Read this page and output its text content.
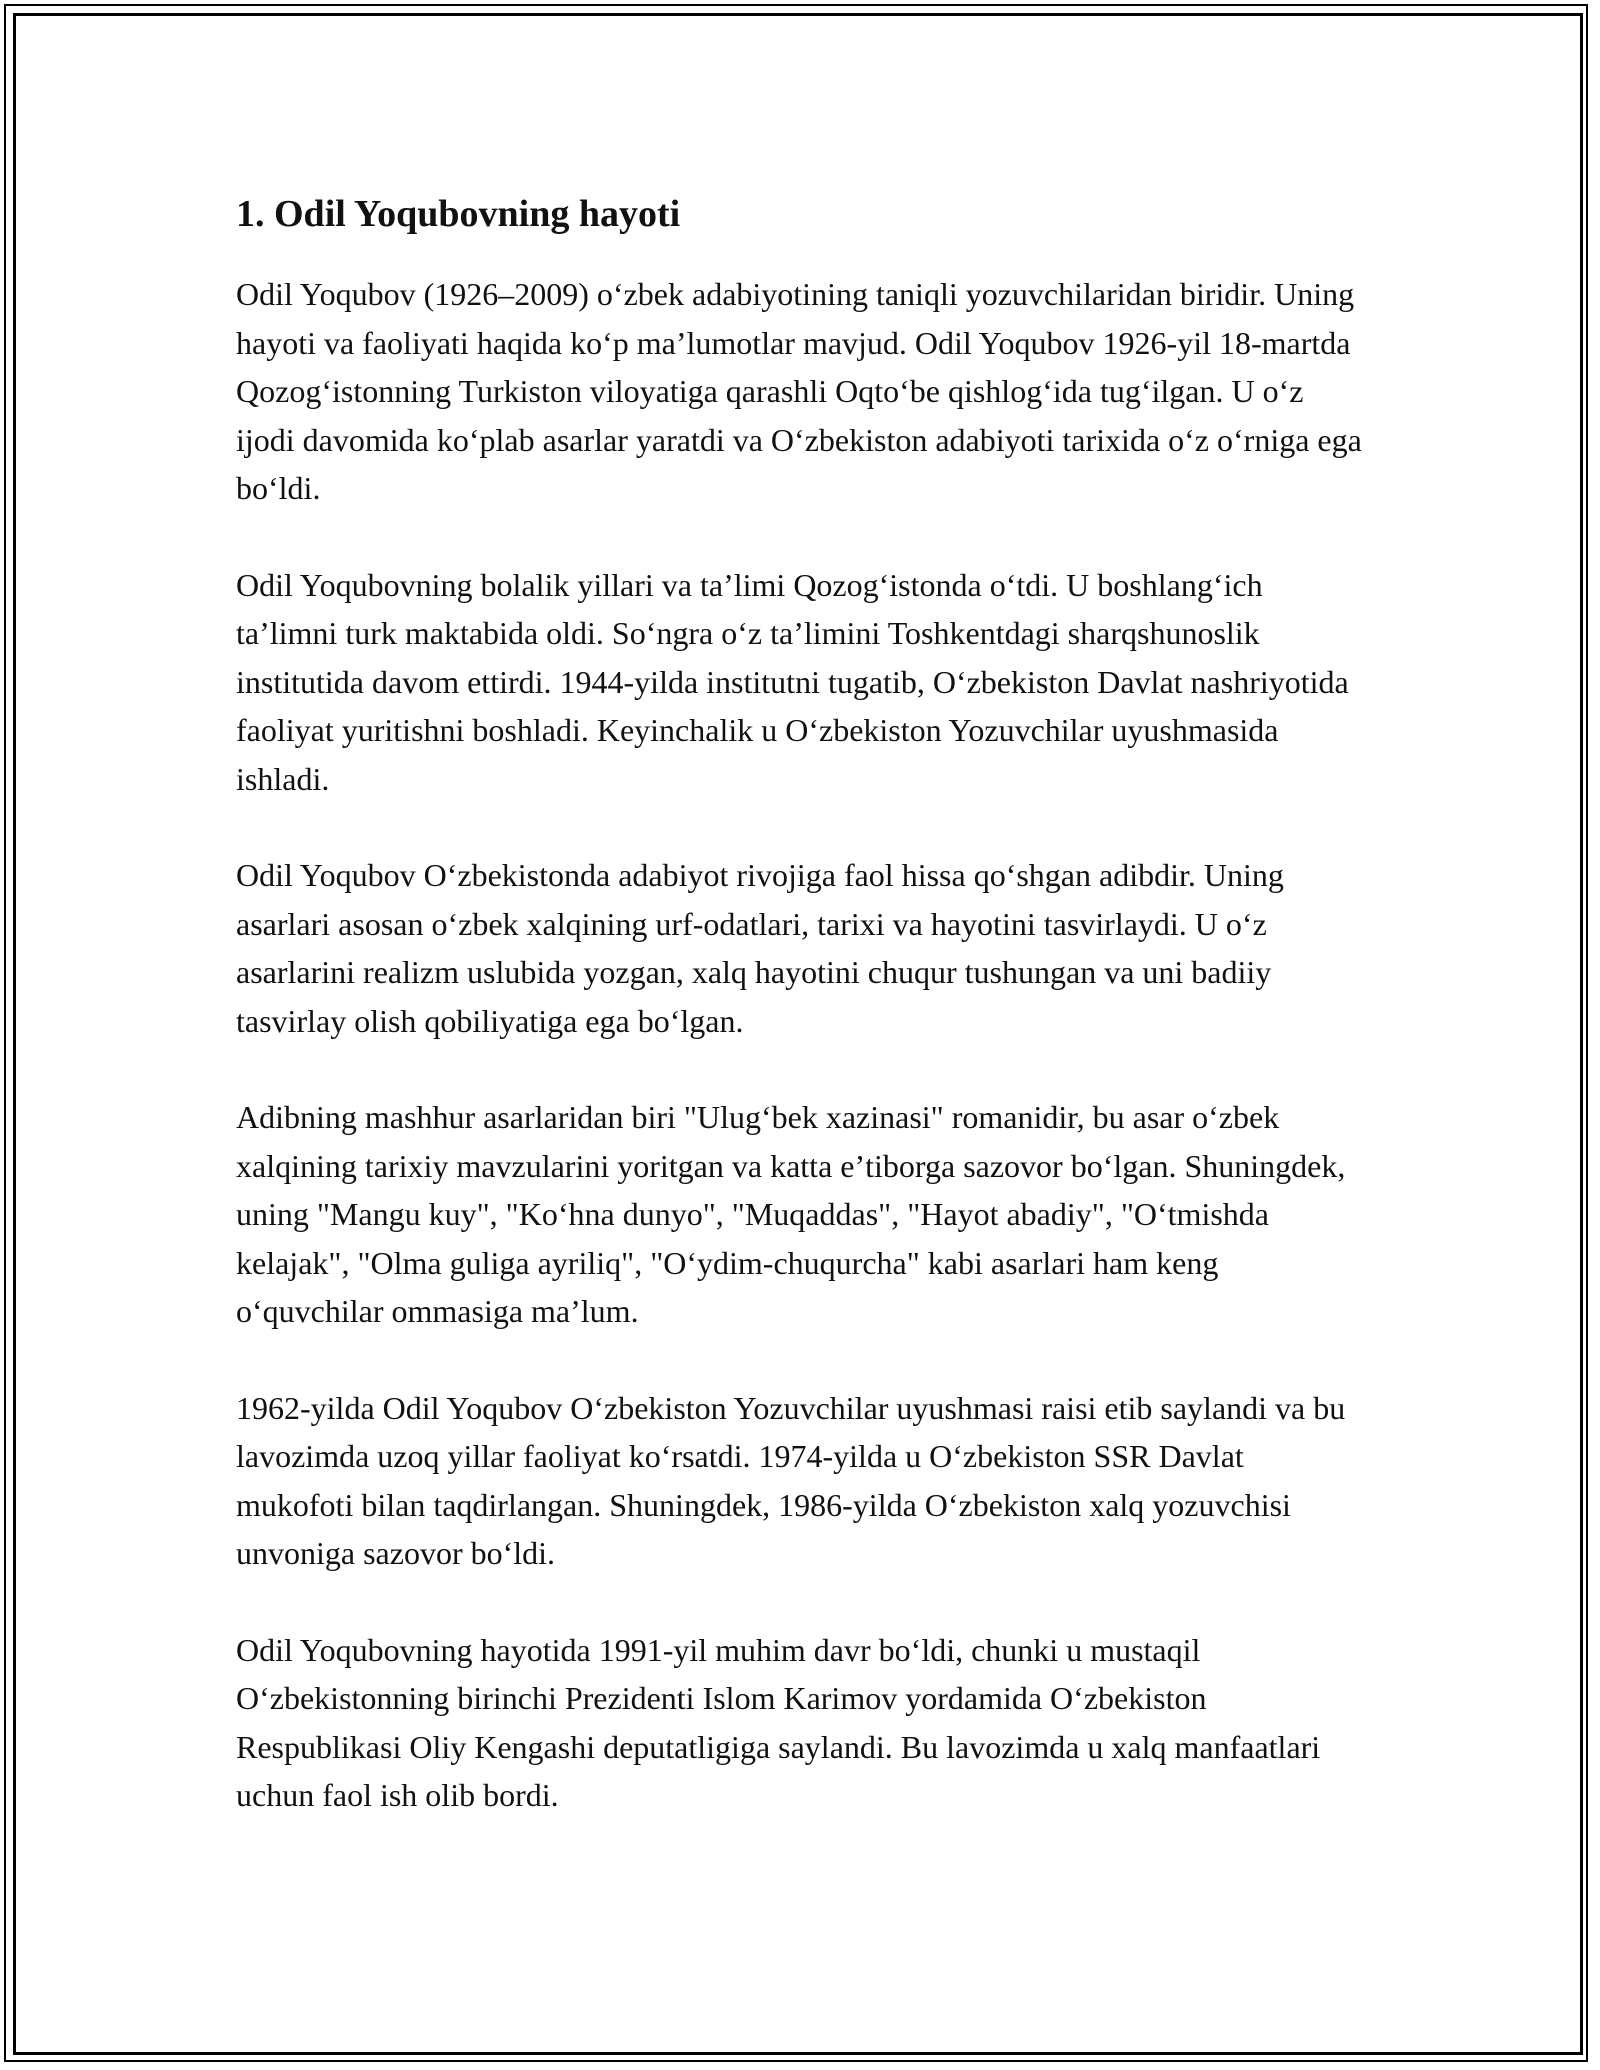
1. Odil Yoqubovning hayoti

Odil Yoqubov (1926–2009) oʻzbek adabiyotining taniqli yozuvchilaridan biridir. Uning hayoti va faoliyati haqida koʻp maʼlumotlar mavjud. Odil Yoqubov 1926-yil 18-martda Qozogʻistonning Turkiston viloyatiga qarashli Oqtoʻbe qishlogʻida tugʻilgan. U oʻz ijodi davomida koʻplab asarlar yaratdi va Oʻzbekiston adabiyoti tarixida oʻz oʻrniga ega boʻldi.

Odil Yoqubovning bolalik yillari va taʼlimi Qozogʻistonda oʻtdi. U boshlangʻich taʼlimni turk maktabida oldi. Soʻngra oʻz taʼlimini Toshkentdagi sharqshunoslik institutida davom ettirdi. 1944-yilda institutni tugatib, Oʻzbekiston Davlat nashriyotida faoliyat yuritishni boshladi. Keyinchalik u Oʻzbekiston Yozuvchilar uyushmasida ishladi.

Odil Yoqubov Oʻzbekistonda adabiyot rivojiga faol hissa qoʻshgan adibdir. Uning asarlari asosan oʻzbek xalqining urf-odatlari, tarixi va hayotini tasvirlaydi. U oʻz asarlarini realizm uslubida yozgan, xalq hayotini chuqur tushungan va uni badiiy tasvirlay olish qobiliyatiga ega boʻlgan.

Adibning mashhur asarlaridan biri "Ulugʻbek xazinasi" romanidir, bu asar oʻzbek xalqining tarixiy mavzularini yoritgan va katta eʼtiborga sazovor boʻlgan. Shuningdek, uning "Mangu kuy", "Koʻhna dunyo", "Muqaddas", "Hayot abadiy", "Oʻtmishda kelajak", "Olma guliga ayriliq", "Oʻydim-chuqurcha" kabi asarlari ham keng oʻquvchilar ommasiga maʼlum.

1962-yilda Odil Yoqubov Oʻzbekiston Yozuvchilar uyushmasi raisi etib saylandi va bu lavozimda uzoq yillar faoliyat koʻrsatdi. 1974-yilda u Oʻzbekiston SSR Davlat mukofoti bilan taqdirlangan. Shuningdek, 1986-yilda Oʻzbekiston xalq yozuvchisi unvoniga sazovor boʻldi.

Odil Yoqubovning hayotida 1991-yil muhim davr boʻldi, chunki u mustaqil Oʻzbekistonning birinchi Prezidenti Islom Karimov yordamida Oʻzbekiston Respublikasi Oliy Kengashi deputatligiga saylandi. Bu lavozimda u xalq manfaatlari uchun faol ish olib bordi.
